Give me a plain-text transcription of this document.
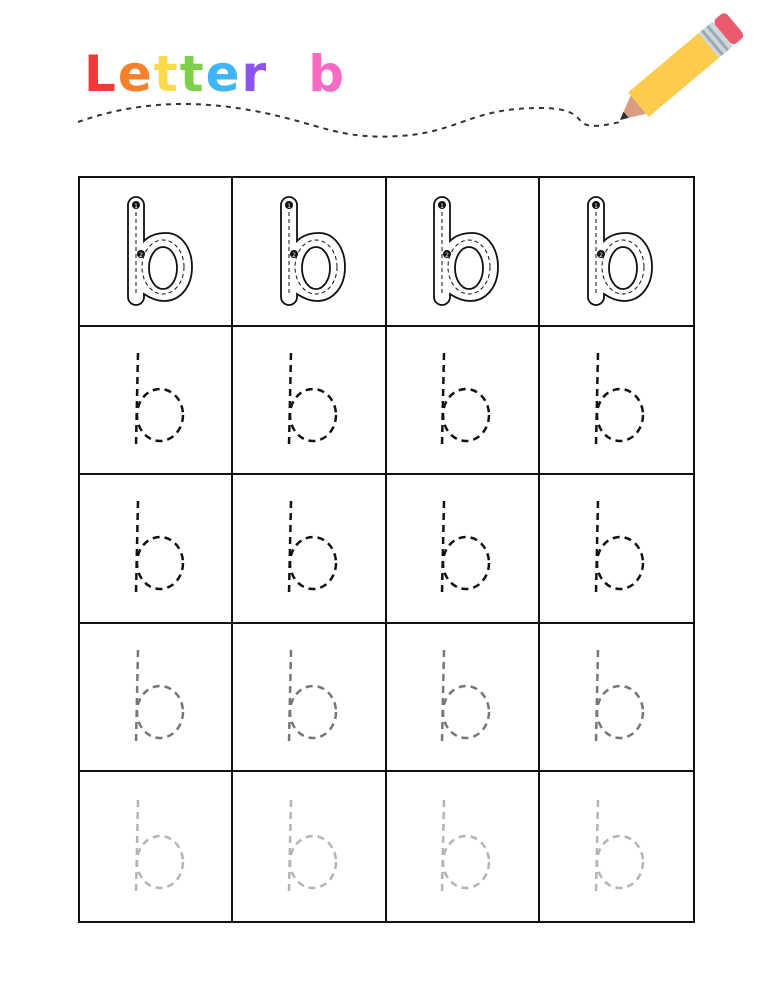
L e t t e r b
1
2
1
2
1
2
1
2
